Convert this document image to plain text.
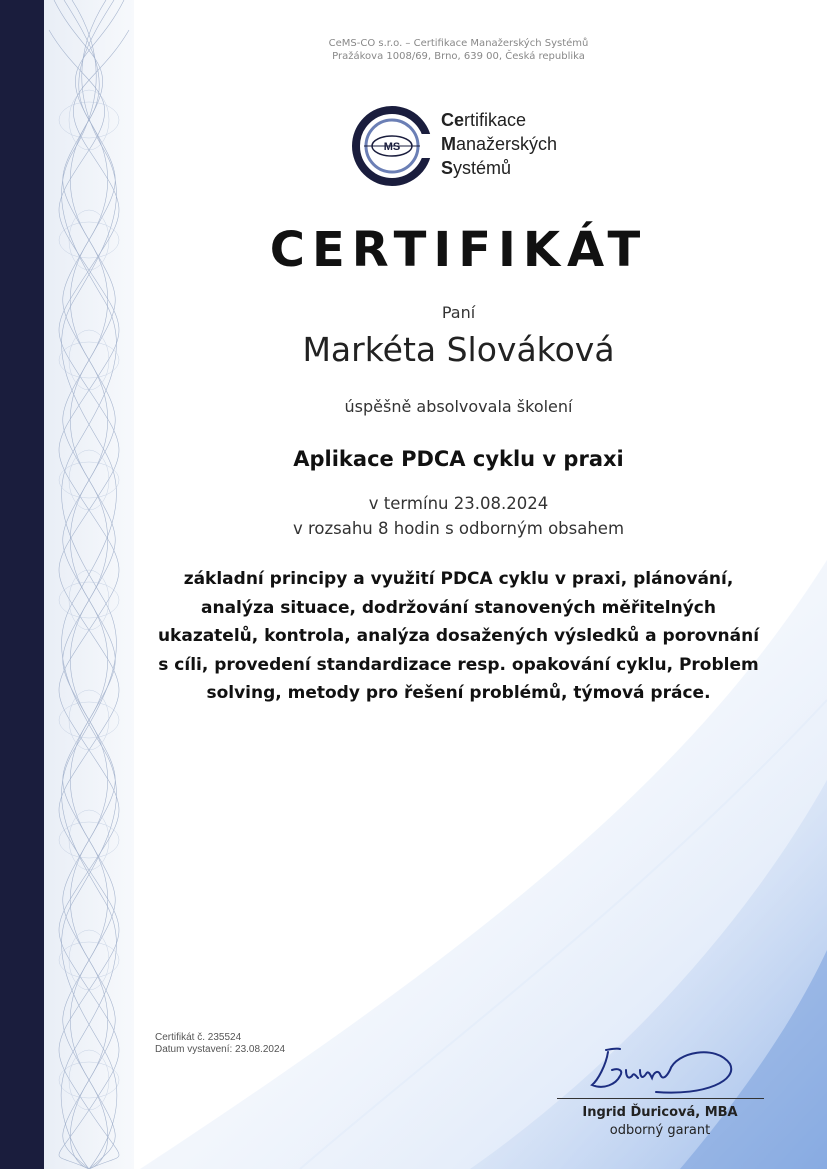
CeMS-CO s.r.o. – Certifikace Manažerských Systémů
Pražákova 1008/69, Brno, 639 00, Česká republika
MS
Certifikace
Manažerských
Systémů
CERTIFIKÁT
Paní
Markéta Slováková
úspěšně absolvovala školení
Aplikace PDCA cyklu v praxi
v termínu 23.08.2024
v rozsahu 8 hodin s odborným obsahem
základní principy a využití PDCA cyklu v praxi, plánování, analýza situace, dodržování stanovených měřitelných ukazatelů, kontrola, analýza dosažených výsledků a porovnání s cíli, provedení standardizace resp. opakování cyklu, Problem solving, metody pro řešení problémů, týmová práce.
Certifikát č. 235524
Datum vystavení: 23.08.2024
Ingrid Ďuricová, MBA
odborný garant
